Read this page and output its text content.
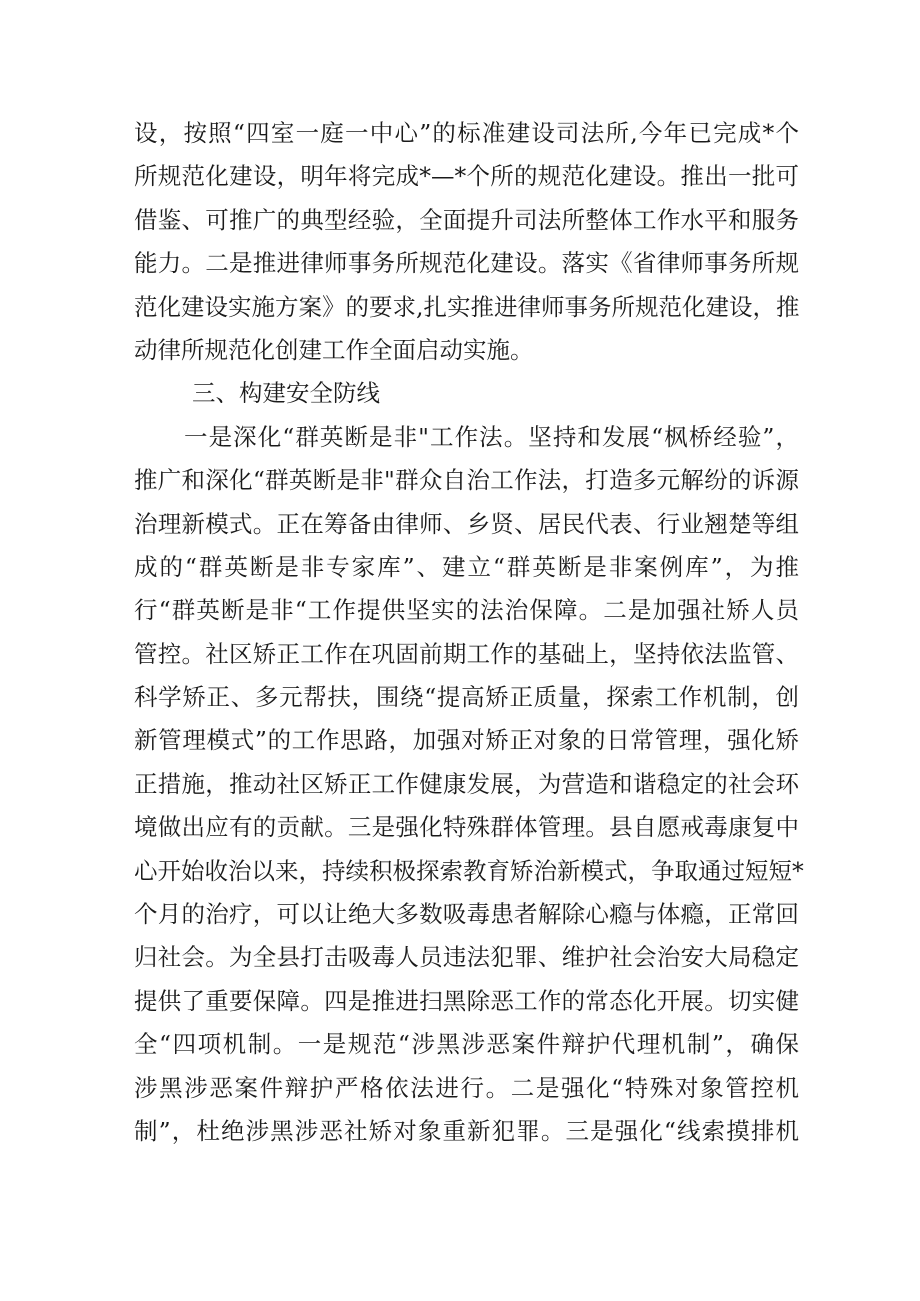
设，按照“四室一庭一中心”的标准建设司法所,今年已完成*个
所规范化建设，明年将完成*—*个所的规范化建设。推出一批可
借鉴、可推广的典型经验，全面提升司法所整体工作水平和服务
能力。二是推进律师事务所规范化建设。落实《省律师事务所规
范化建设实施方案》的要求,扎实推进律师事务所规范化建设，推
动律所规范化创建工作全面启动实施。
三、构建安全防线
一是深化“群英断是非"工作法。坚持和发展“枫桥经验”，
推广和深化“群英断是非"群众自治工作法，打造多元解纷的诉源
治理新模式。正在筹备由律师、乡贤、居民代表、行业翘楚等组
成的“群英断是非专家库”、建立“群英断是非案例库”，为推
行“群英断是非“工作提供坚实的法治保障。二是加强社矫人员
管控。社区矫正工作在巩固前期工作的基础上，坚持依法监管、
科学矫正、多元帮扶，围绕“提高矫正质量，探索工作机制，创
新管理模式”的工作思路，加强对矫正对象的日常管理，强化矫
正措施，推动社区矫正工作健康发展，为营造和谐稳定的社会环
境做出应有的贡献。三是强化特殊群体管理。县自愿戒毒康复中
心开始收治以来，持续积极探索教育矫治新模式，争取通过短短*
个月的治疗，可以让绝大多数吸毒患者解除心瘾与体瘾，正常回
归社会。为全县打击吸毒人员违法犯罪、维护社会治安大局稳定
提供了重要保障。四是推进扫黑除恶工作的常态化开展。切实健
全“四项机制。一是规范“涉黑涉恶案件辩护代理机制”，确保
涉黑涉恶案件辩护严格依法进行。二是强化“特殊对象管控机
制”，杜绝涉黑涉恶社矫对象重新犯罪。三是强化“线索摸排机
